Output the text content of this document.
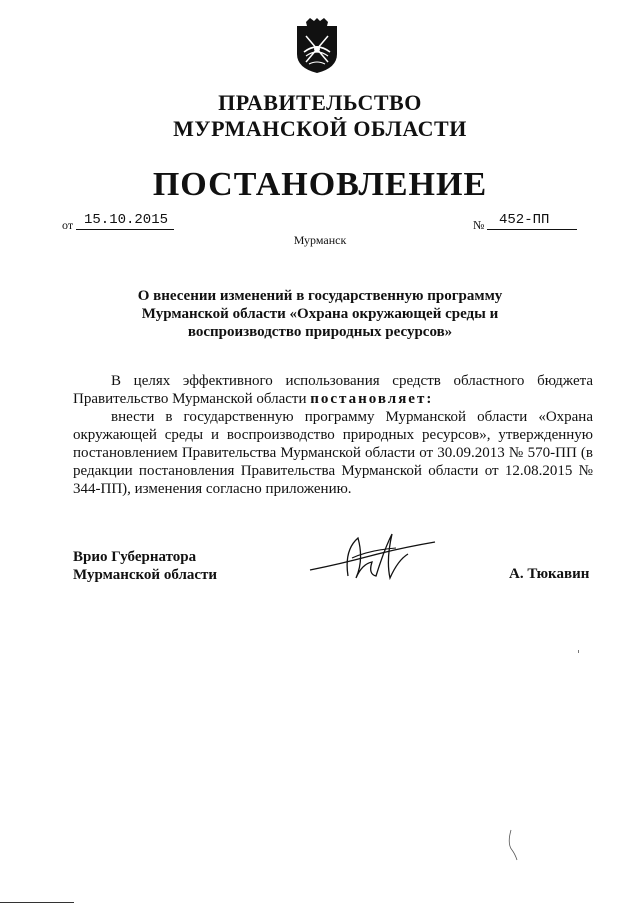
ПРАВИТЕЛЬСТВО
МУРМАНСКОЙ ОБЛАСТИ
ПОСТАНОВЛЕНИЕ
от 15.10.2015	№ 452-ПП
Мурманск
О внесении изменений в государственную программу
Мурманской области «Охрана окружающей среды и
воспроизводство природных ресурсов»

В целях эффективного использования средств областного бюджета Правительство Мурманской области постановляет:

внести в государственную программу Мурманской области «Охрана окружающей среды и воспроизводство природных ресурсов», утвержденную постановлением Правительства Мурманской области от 30.09.2013 № 570-ПП (в редакции постановления Правительства Мурманской области от 12.08.2015 № 344-ПП), изменения согласно приложению.

Врио Губернатора
Мурманской области	А. Тюкавин
